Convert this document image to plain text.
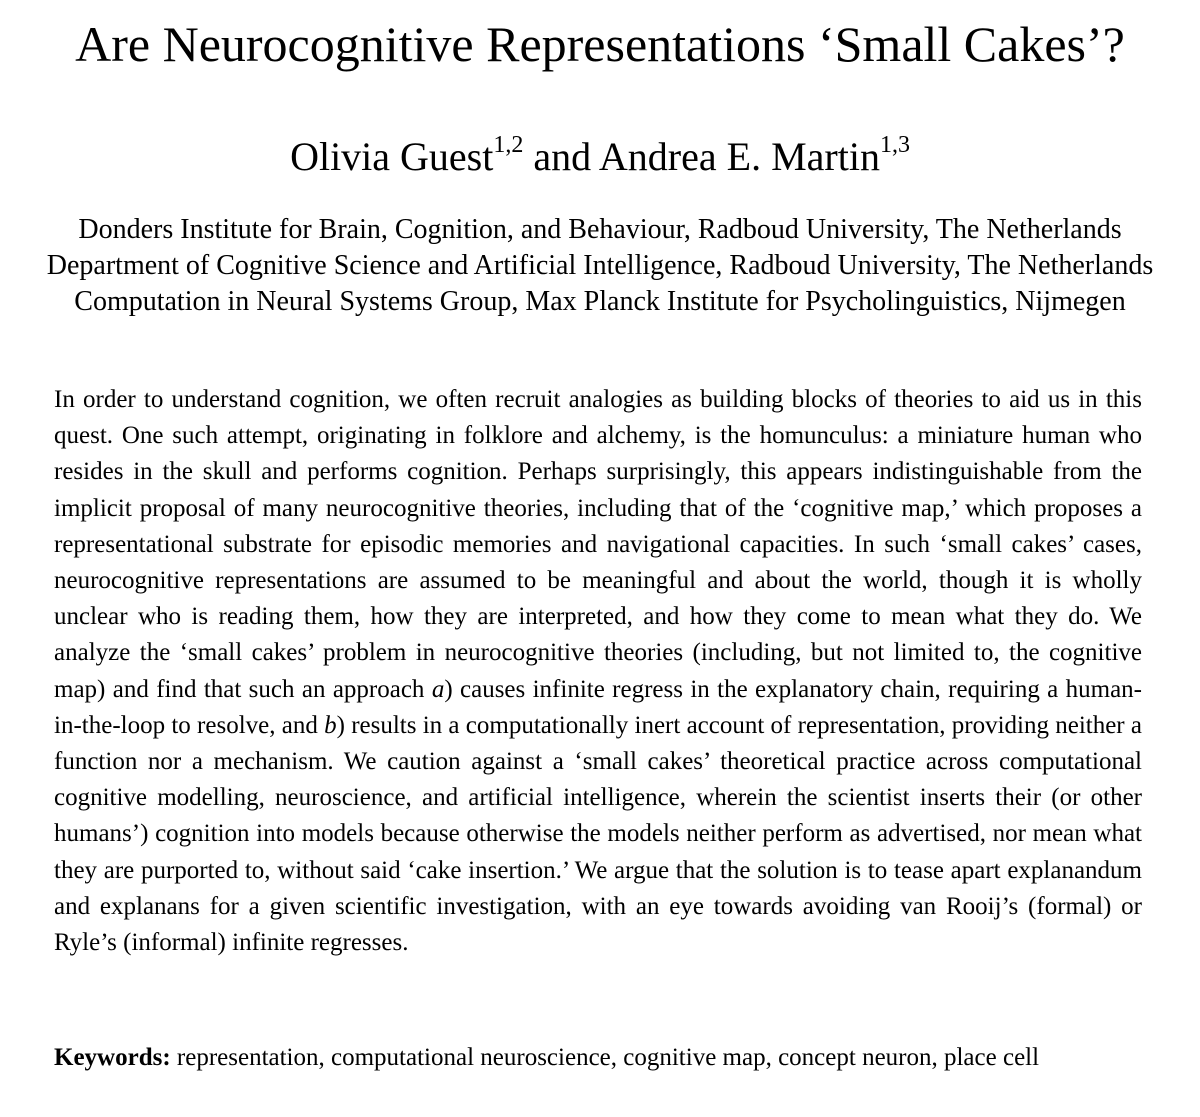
Are Neurocognitive Representations ‘Small Cakes’?
Olivia Guest$^{1,2}$ and Andrea E. Martin$^{1,3}$
Donders Institute for Brain, Cognition, and Behaviour, Radboud University, The Netherlands
Department of Cognitive Science and Artificial Intelligence, Radboud University, The Netherlands
Computation in Neural Systems Group, Max Planck Institute for Psycholinguistics, Nijmegen

In order to understand cognition, we often recruit analogies as building blocks of theories to aid us in this quest. One such attempt, originating in folklore and alchemy, is the homunculus: a miniature human who resides in the skull and performs cognition. Perhaps surprisingly, this appears indistinguishable from the implicit proposal of many neurocognitive theories, including that of the ‘cognitive map,’ which proposes a representational substrate for episodic memories and navigational capacities. In such ‘small cakes’ cases, neurocognitive representations are assumed to be meaningful and about the world, though it is wholly unclear who is reading them, how they are interpreted, and how they come to mean what they do. We analyze the ‘small cakes’ problem in neurocognitive theories (including, but not limited to, the cognitive map) and find that such an approach a) causes infinite regress in the explanatory chain, requiring a human-in-the-loop to resolve, and b) results in a computationally inert account of representation, providing neither a function nor a mechanism. We caution against a ‘small cakes’ theoretical practice across computational cognitive modelling, neuroscience, and artificial intelligence, wherein the scientist inserts their (or other humans’) cognition into models because otherwise the models neither perform as advertised, nor mean what they are purported to, without said ‘cake insertion.’ We argue that the solution is to tease apart explanandum and explanans for a given scientific investigation, with an eye towards avoiding van Rooij’s (formal) or Ryle’s (informal) infinite regresses.

Keywords: representation, computational neuroscience, cognitive map, concept neuron, place cell
